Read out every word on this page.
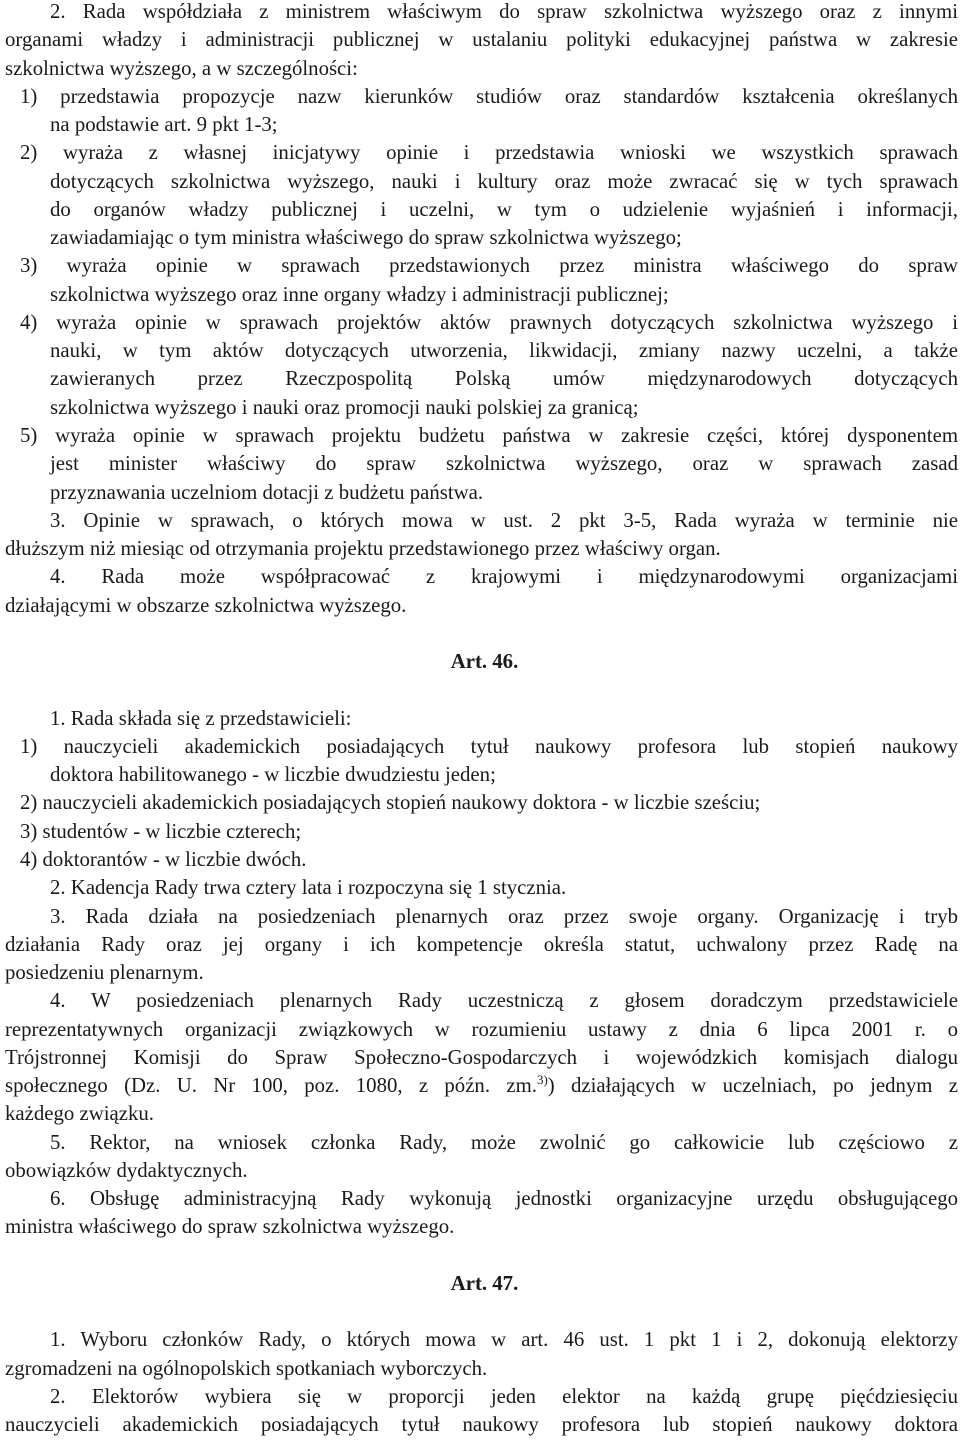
2. Rada współdziała z ministrem właściwym do spraw szkolnictwa wyższego oraz z innymi
organami władzy i administracji publicznej w ustalaniu polityki edukacyjnej państwa w zakresie
szkolnictwa wyższego, a w szczególności:
1) przedstawia propozycje nazw kierunków studiów oraz standardów kształcenia określanych
na podstawie art. 9 pkt 1-3;
2) wyraża z własnej inicjatywy opinie i przedstawia wnioski we wszystkich sprawach
dotyczących szkolnictwa wyższego, nauki i kultury oraz może zwracać się w tych sprawach
do organów władzy publicznej i uczelni, w tym o udzielenie wyjaśnień i informacji,
zawiadamiając o tym ministra właściwego do spraw szkolnictwa wyższego;
3) wyraża opinie w sprawach przedstawionych przez ministra właściwego do spraw
szkolnictwa wyższego oraz inne organy władzy i administracji publicznej;
4) wyraża opinie w sprawach projektów aktów prawnych dotyczących szkolnictwa wyższego i
nauki, w tym aktów dotyczących utworzenia, likwidacji, zmiany nazwy uczelni, a także
zawieranych przez Rzeczpospolitą Polską umów międzynarodowych dotyczących
szkolnictwa wyższego i nauki oraz promocji nauki polskiej za granicą;
5) wyraża opinie w sprawach projektu budżetu państwa w zakresie części, której dysponentem
jest minister właściwy do spraw szkolnictwa wyższego, oraz w sprawach zasad
przyznawania uczelniom dotacji z budżetu państwa.
3. Opinie w sprawach, o których mowa w ust. 2 pkt 3-5, Rada wyraża w terminie nie
dłuższym niż miesiąc od otrzymania projektu przedstawionego przez właściwy organ.
4. Rada może współpracować z krajowymi i międzynarodowymi organizacjami
działającymi w obszarze szkolnictwa wyższego.
Art. 46.
1. Rada składa się z przedstawicieli:
1) nauczycieli akademickich posiadających tytuł naukowy profesora lub stopień naukowy
doktora habilitowanego - w liczbie dwudziestu jeden;
2) nauczycieli akademickich posiadających stopień naukowy doktora - w liczbie sześciu;
3) studentów - w liczbie czterech;
4) doktorantów - w liczbie dwóch.
2. Kadencja Rady trwa cztery lata i rozpoczyna się 1 stycznia.
3. Rada działa na posiedzeniach plenarnych oraz przez swoje organy. Organizację i tryb
działania Rady oraz jej organy i ich kompetencje określa statut, uchwalony przez Radę na
posiedzeniu plenarnym.
4. W posiedzeniach plenarnych Rady uczestniczą z głosem doradczym przedstawiciele
reprezentatywnych organizacji związkowych w rozumieniu ustawy z dnia 6 lipca 2001 r. o
Trójstronnej Komisji do Spraw Społeczno-Gospodarczych i wojewódzkich komisjach dialogu
społecznego (Dz. U. Nr 100, poz. 1080, z późn. zm.$^{3)}$) działających w uczelniach, po jednym z
każdego związku.
5. Rektor, na wniosek członka Rady, może zwolnić go całkowicie lub częściowo z
obowiązków dydaktycznych.
6. Obsługę administracyjną Rady wykonują jednostki organizacyjne urzędu obsługującego
ministra właściwego do spraw szkolnictwa wyższego.
Art. 47.
1. Wyboru członków Rady, o których mowa w art. 46 ust. 1 pkt 1 i 2, dokonują elektorzy
zgromadzeni na ogólnopolskich spotkaniach wyborczych.
2. Elektorów wybiera się w proporcji jeden elektor na każdą grupę pięćdziesięciu
nauczycieli akademickich posiadających tytuł naukowy profesora lub stopień naukowy doktora
